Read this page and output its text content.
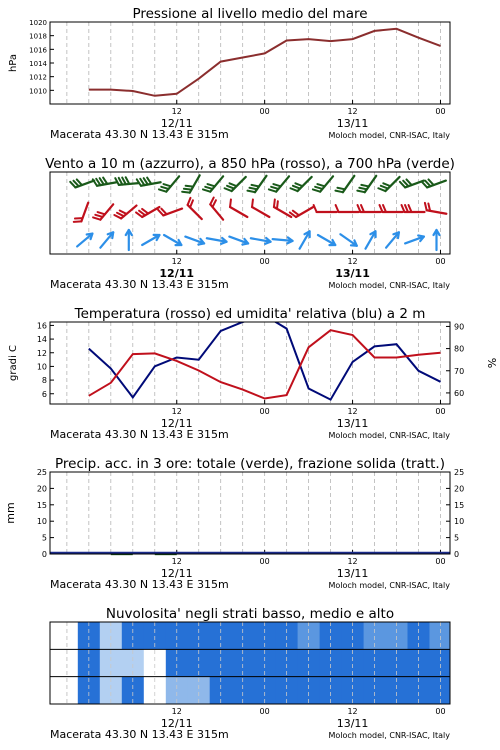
Pressione al livello medio del mare
12	00	12	00
12/11	13/11
Macerata 43.30 N 13.43 E 315m	Moloch model, CNR-ISAC, Italy
1010
1012
1014
1016
1018
1020
hPa
Vento a 10 m (azzurro), a 850 hPa (rosso), a 700 hPa (verde)
12	00	12	00
12/11	13/11
Macerata 43.30 N 13.43 E 315m	Moloch model, CNR-ISAC, Italy
Temperatura (rosso) ed umidita' relativa (blu) a 2 m
12	00	12	00
12/11	13/11
Macerata 43.30 N 13.43 E 315m	Moloch model, CNR-ISAC, Italy
6
8
10
12
14
16
60
70
80
90
gradi C	%
Precip. acc. in 3 ore: totale (verde), frazione solida (tratt.)
12	00	12	00
12/11	13/11
Macerata 43.30 N 13.43 E 315m	Moloch model, CNR-ISAC, Italy
0
5
10
15
20
25
0
5
10
15
20
25
mm
Nuvolosita' negli strati basso, medio e alto
12	00	12	00
12/11	13/11
Macerata 43.30 N 13.43 E 315m	Moloch model, CNR-ISAC, Italy
